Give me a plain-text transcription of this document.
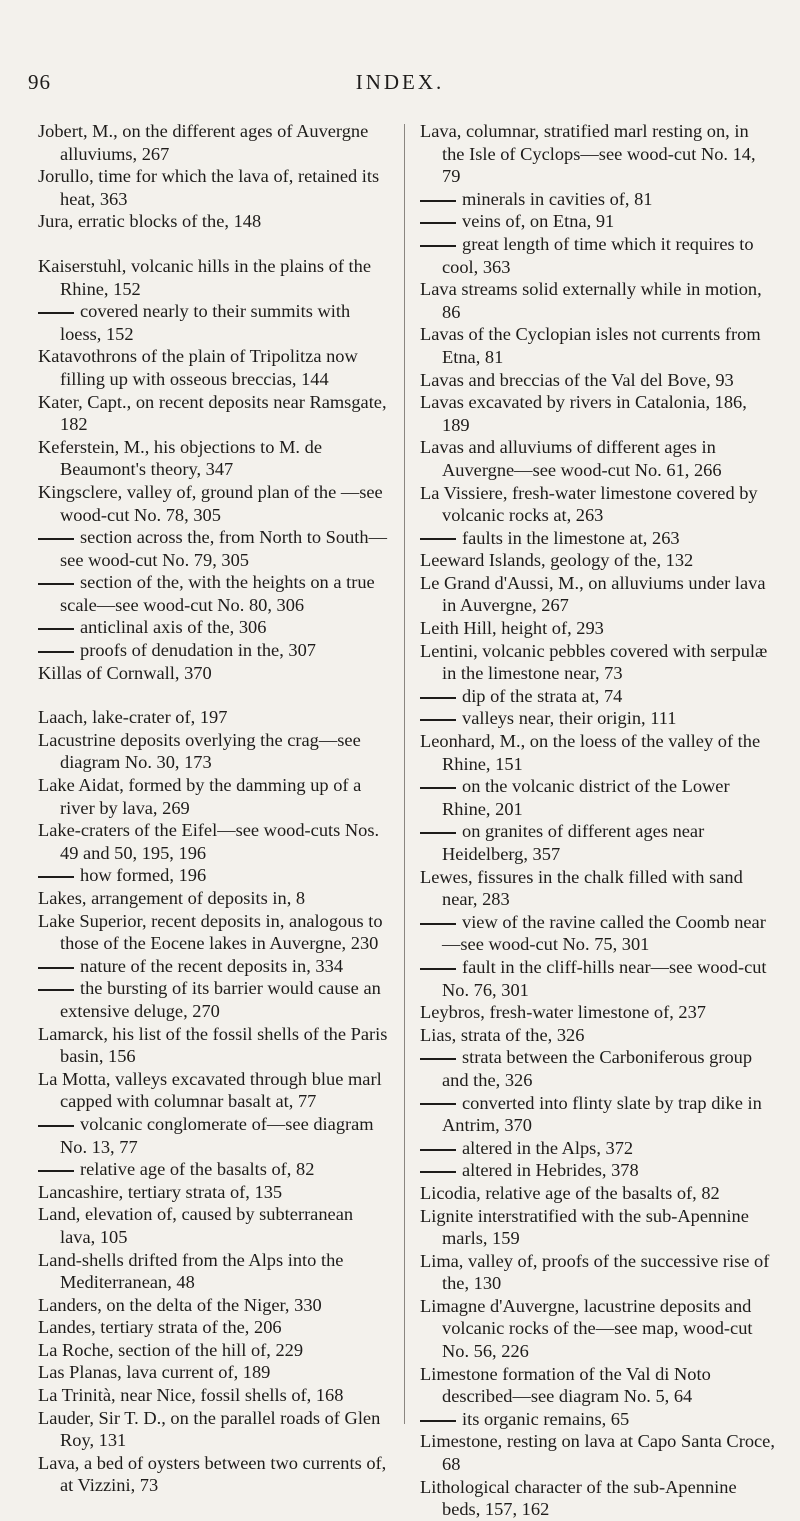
96	INDEX.

Jobert, M., on the different ages of Auvergne alluviums, 267

Jorullo, time for which the lava of, retained its heat, 363

Jura, erratic blocks of the, 148

Kaiserstuhl, volcanic hills in the plains of the Rhine, 152

covered nearly to their summits with loess, 152

Katavothrons of the plain of Tripolitza now filling up with osseous breccias, 144

Kater, Capt., on recent deposits near Ramsgate, 182

Keferstein, M., his objections to M. de Beaumont's theory, 347

Kingsclere, valley of, ground plan of the —see wood-cut No. 78, 305

section across the, from North to South—see wood-cut No. 79, 305

section of the, with the heights on a true scale—see wood-cut No. 80, 306

anticlinal axis of the, 306

proofs of denudation in the, 307

Killas of Cornwall, 370

Laach, lake-crater of, 197

Lacustrine deposits overlying the crag—see diagram No. 30, 173

Lake Aidat, formed by the damming up of a river by lava, 269

Lake-craters of the Eifel—see wood-cuts Nos. 49 and 50, 195, 196

how formed, 196

Lakes, arrangement of deposits in, 8

Lake Superior, recent deposits in, analogous to those of the Eocene lakes in Auvergne, 230

nature of the recent deposits in, 334

the bursting of its barrier would cause an extensive deluge, 270

Lamarck, his list of the fossil shells of the Paris basin, 156

La Motta, valleys excavated through blue marl capped with columnar basalt at, 77

volcanic conglomerate of—see diagram No. 13, 77

relative age of the basalts of, 82

Lancashire, tertiary strata of, 135

Land, elevation of, caused by subterranean lava, 105

Land-shells drifted from the Alps into the Mediterranean, 48

Landers, on the delta of the Niger, 330

Landes, tertiary strata of the, 206

La Roche, section of the hill of, 229

Las Planas, lava current of, 189

La Trinità, near Nice, fossil shells of, 168

Lauder, Sir T. D., on the parallel roads of Glen Roy, 131

Lava, a bed of oysters between two currents of, at Vizzini, 73

Lava, columnar, stratified marl resting on, in the Isle of Cyclops—see wood-cut No. 14, 79

minerals in cavities of, 81

veins of, on Etna, 91

great length of time which it requires to cool, 363

Lava streams solid externally while in motion, 86

Lavas of the Cyclopian isles not currents from Etna, 81

Lavas and breccias of the Val del Bove, 93

Lavas excavated by rivers in Catalonia, 186, 189

Lavas and alluviums of different ages in Auvergne—see wood-cut No. 61, 266

La Vissiere, fresh-water limestone covered by volcanic rocks at, 263

faults in the limestone at, 263

Leeward Islands, geology of the, 132

Le Grand d'Aussi, M., on alluviums under lava in Auvergne, 267

Leith Hill, height of, 293

Lentini, volcanic pebbles covered with serpulæ in the limestone near, 73

dip of the strata at, 74

valleys near, their origin, 111

Leonhard, M., on the loess of the valley of the Rhine, 151

on the volcanic district of the Lower Rhine, 201

on granites of different ages near Heidelberg, 357

Lewes, fissures in the chalk filled with sand near, 283

view of the ravine called the Coomb near—see wood-cut No. 75, 301

fault in the cliff-hills near—see wood-cut No. 76, 301

Leybros, fresh-water limestone of, 237

Lias, strata of the, 326

strata between the Carboniferous group and the, 326

converted into flinty slate by trap dike in Antrim, 370

altered in the Alps, 372

altered in Hebrides, 378

Licodia, relative age of the basalts of, 82

Lignite interstratified with the sub-Apennine marls, 159

Lima, valley of, proofs of the successive rise of the, 130

Limagne d'Auvergne, lacustrine deposits and volcanic rocks of the—see map, wood-cut No. 56, 226

Limestone formation of the Val di Noto described—see diagram No. 5, 64

its organic remains, 65

Limestone, resting on lava at Capo Santa Croce, 68

Lithological character of the sub-Apennine beds, 157, 162
